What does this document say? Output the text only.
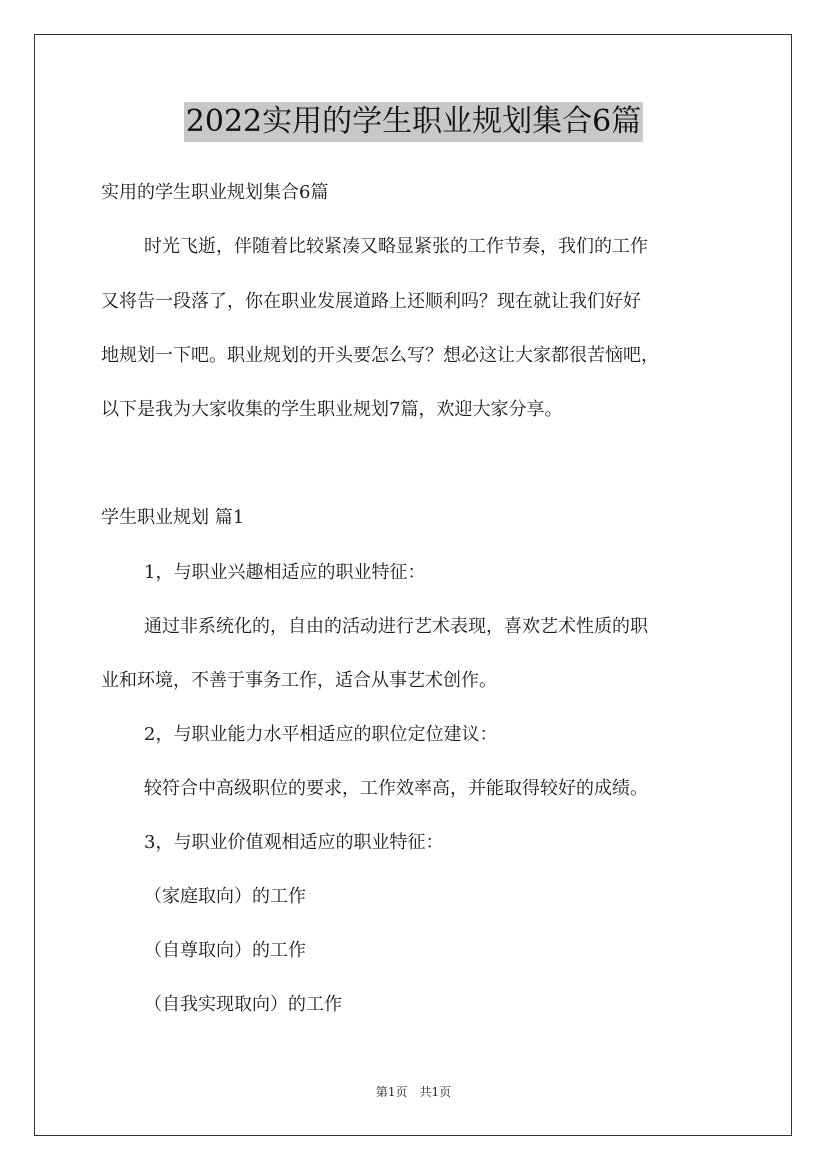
2022实用的学生职业规划集合6篇
实用的学生职业规划集合6篇
时光飞逝，伴随着比较紧凑又略显紧张的工作节奏，我们的工作
又将告一段落了，你在职业发展道路上还顺利吗？现在就让我们好好
地规划一下吧。职业规划的开头要怎么写？想必这让大家都很苦恼吧，
以下是我为大家收集的学生职业规划7篇，欢迎大家分享。
学生职业规划 篇1
1，与职业兴趣相适应的职业特征：
通过非系统化的，自由的活动进行艺术表现，喜欢艺术性质的职
业和环境，不善于事务工作，适合从事艺术创作。
2，与职业能力水平相适应的职位定位建议：
较符合中高级职位的要求，工作效率高，并能取得较好的成绩。
3，与职业价值观相适应的职业特征：
（家庭取向）的工作
（自尊取向）的工作
（自我实现取向）的工作
第1页　共1页
